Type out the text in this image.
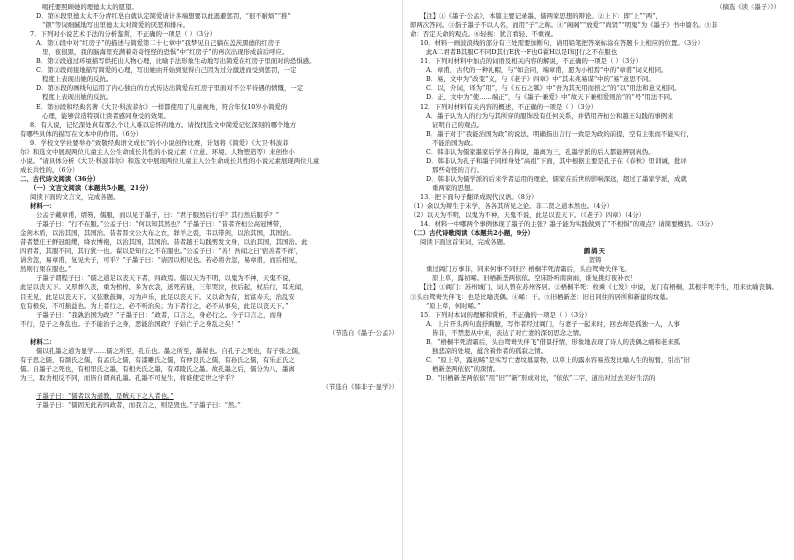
喝托要照顾她的理德太太的愿望。
D．第⑥段里德太太不分青红皂白就认定简爱请计多端想要以此逃避惩罚，“很不耐烦”“推”
“锁”等词细腻地写出里德太太对简爱的厌恶和排斥。
7．下列对小说艺术手法的分析鉴赏，不正确的一项是（ ）（3分）
A．第①段中对“红房子”的描述与简爱第二十七章中“我梦见自己躺在盖茨黑德的红房子
里，夜很黑，我的脑海里充满着奇奇怪怪的恐惧”中“红房子”的再次出现形成前后呼应。
B．第②段通过环境描写烘托出人物心理，比喻手法形象生动地写出简爱在红房子里面对的恐惧感。
C．第②段间接地描写简爱的心理，写出她由开始到觉得自己因为过分激进而受到惩罚，一定
程度上表现出她的反抗。
D．第⑧段的画线句运用了内心独白的方式传达出简爱在红房子里面对不公平待遇的愤慨，一定
程度上表现出她的反抗。
E．第⑩段和经典名著《大卫·科波菲尔》一样都使用了儿童视角，符合年仅10岁小简爱的
心理，能够营造特别让读者感同身受的效果。
8．有人说，记忆深处真有那么个让人难以忘怀的地方。请找找选文中简爱记忆深刻的哪个地方
有哪些具体的描写在文本中的作用。（6分）
9．学校文学社要举办“致敬经典语文成长”的小小说创作比赛，计划将《简爱》《大卫·科波菲
尔》和选文中展现两位儿童主人公生命成长共性的小说元素（立意、环境、人物塑造等）来创作小
小说。“请具体分析《大卫·科波菲尔》和选文中展现两位儿童主人公生命成长共性的小说元素展现两位儿童
成长共性的。（6分）
二、古代诗文阅读（36分）
（一）文言文阅读（本题共5小题，21分）
阅读下面的文言文，完成各题。
材料一：
公孟子戴章甫，缙笏，儒服，而以见于墨子，曰：“君子服然后行乎？其行然后服乎？”
子墨子曰：“行不在服。”公孟子曰：“何以知其然也？”子墨子曰：“昔者齐桓公高冠博带，
金剑木盾，以治其国，其国治。昔者晋文公大布之衣，牂羊之裘，韦以带剑，以治其国，其国治。
昔者楚庄王鲜冠组缨，绛衣博袍，以治其国，其国治。昔者越王勾践剪发文身，以治其国，其国治。此
四君者，其服不同，其行犹一也。翟以是知行之不在服也。”公孟子曰：“善！吾闻之曰‘宿善者不祥’，
请舍忽，易章甫，复见夫子，可乎？”子墨子曰：“请因以相见也。若必将舍忽，易章甫，而后相见，
然则行果在服也。”
子墨子谓程子曰：“儒之道足以丧天下者，四政焉。儒以天为不明，以鬼为不神，天鬼不说，
此足以丧天下。又厚葬久丧，重为棺椁，多为衣衾，送死若徙，三年哭泣，扶后起，杖后行，耳无闻，
目无见，此足以丧天下。又弦歌鼓舞，习为声乐，此足以丧天下。又以命为有，贫富寿夭，治乱安
危有极矣，不可损益也。为上者行之，必不听治矣；为下者行之，必不从事矣，此足以丧天下。”
子墨子曰：“我孰治国为政？”子墨子曰：“政者，口言之，身必行之。今子口言之，而身
不行，是子之身乱也。子不能治子之身，恶能治国政？子姑亡子之身乱之矣！”
（节选自《墨子·公孟》）
材料二：
儒以孔墨之道为显学……儒之所至，孔丘也。墨之所至，墨翟也。自孔子之死也，有子张之儒，
有子思之儒，有颜氏之儒，有孟氏之儒，有漆雕氏之儒，有仲良氏之儒，有孙氏之儒，有乐正氏之
儒。自墨子之死也，有相里氏之墨，有相夫氏之墨，有邓陵氏之墨。故孔墨之后，儒分为八，墨离
为三，取舍相反不同，而皆自谓真孔墨。孔墨不可复生，将谁使定世之学乎？
（节选自《韩非子·显学》）
子墨子曰：“儒者以为道教，是贼天下之人者也。”
子墨子曰：“儒固无此若四政者，而我言之，则是毁也。”子墨子曰：“然。”
（摘选《读〈墨子〉》）
【注】①《墨子·公孟》，本篇主要记录墨、儒两家思想的辩论。②上下：即“上”“两”，
即两次答问。③指子墨子不以人名，而用“子”之称。④“阁阁”“放爱”“尚贤”“明鬼”为《墨子》书中篇名。⑤非
命：否定天命的观点。⑥轻视：犹言看轻、不重视。
10．材料一画波浪线的部分有三处需要加断句，请用铅笔把答案标涂在答题卡上相应的位置。（3分）
此A二君者B其服C不同D其行E犹一F也G翟H以是I知J行之不在服也
11．下列对材料中加点的词语及相关内容的解说，不正确的一项是（ ）（3分）
A．章甫，古代的一种礼帽，与“如会同，端章甫，愿为小相焉”中的“章甫”词义相同。
B．易，文中为“改变”义，与《老子》四章》中“其未兆易谋”中的“易”意思不同。
C．以，介词，译为“用”，与《五石之瓠》中“吾为其无用而掊之”的“以”用法和意义相同。
D．正，文中为“使……端正”，与《墨子·兼爱》中“故天下兼相爱则治”的“号”用法不同。
12．下列对材料有关内容的概述，不正确的一项是（ ）（3分）
A．墨子认为人的行为与其所穿的服饰没有任何关系，并借用齐桓公和越王勾践的事例来
证明自己的观点。
B．墨子对于“我能治国为政”的说法，明确指出言行一致是为政的前提，空有主张而不能实行，
不能治国为政。
C．韩非认为儒家墨家后学各自称说，墨离为三，孔墨学派的后人都能辨别真伪。
D．韩非认为孔子和墨子同样身处“高祖”下面，其中根据主要是孔子在《春秋》里训诫，批评
那些奇怪的言行。
D．韩非认为儒学派的后来学者运用的理论，儒家在后世的影响深远，超过了墨家学派，成就
重两家的思想。
13．把下面句子翻译成现代汉语。（8分）
（1）余以为辩生于末学，各各其所见之论。非二贤之道本然也。（4分）
（2）以天为不明，以鬼为不神，天鬼不说，此足以丧天下。（《老子》四章）（4分）
14．材料一中哪两个事例体现了墨子的主张？墨子能为实践做到了“不相惧”的观点？请简要概括。（3分）
（二）古代诗歌阅读（本题共2小题，9分）
阅读下面这首宋词，完成各题。
鹧鸪天
贺铸
重过阊门万事非，同来何事不同归？梧桐半死清霜后，头白鸳鸯失伴飞。
原上草，露初晞。旧栖新垄两依依。空床卧听南窗雨，谁复挑灯夜补衣！
【注】①阊门：苏州城门，词人曾在苏州客居。②梧桐半死：枚乘《七发》中说，龙门有梧桐，其根半死半生，用来比喻丧偶。
③头白鸳鸯失伴飞：也是比喻丧偶。④晞：干。⑤旧栖新垄：旧日同住的居所和新建的坟墓。
“原上草，何时晞。”
15．下列对本词的理解和赏析，不正确的一项是（ ）（3分）
A．上片开头两句直抒胸臆，写作者经过阊门，与妻子一起来时，回去却是孤独一人，人事
皆非，不禁悲从中来，表达了对亡妻的深切思念之情。
B．“梧桐半死清霜后，头白鸳鸯失伴飞”借景抒情，形象地表现了诗人的丧偶之痛和老来孤
独悲凉的处境，蕴含着作者的孤寂之情。
C．“原上草，露初晞”是实写亡妻坟墓景物，以草上的露水容易蒸发比喻人生的短暂，引出“旧
栖新垄两依依”的深情。
D．“旧栖新垄两依依”用“旧”“新”形成对比，“依依”二字，道出对过去美好生活的
